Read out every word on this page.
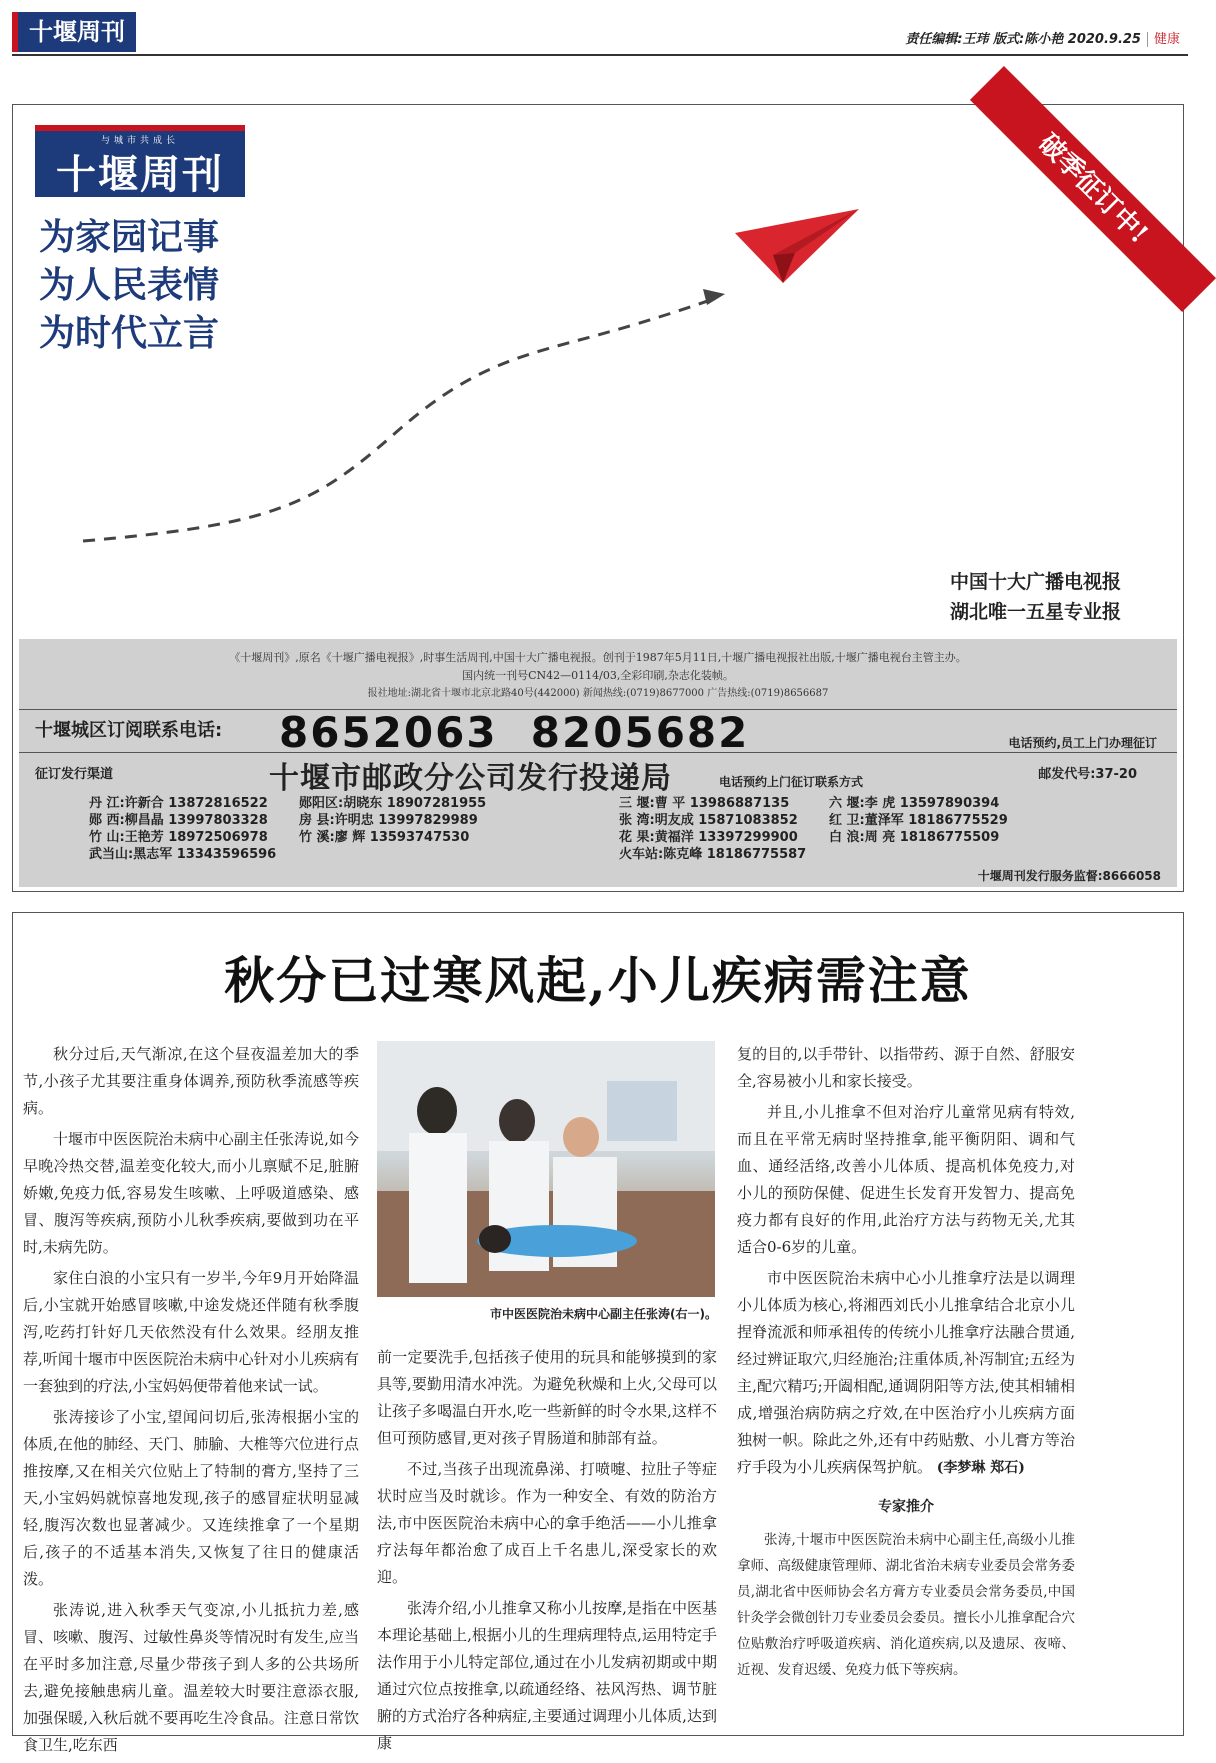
十堰周刊	责任编辑:王玮 版式:陈小艳 2020.9.25 健康
与城市共成长
十堰周刊
为家园记事
为人民表情
为时代立言
破季征订中!
中国十大广播电视报
湖北唯一五星专业报
《十堰周刊》,原名《十堰广播电视报》,时事生活周刊,中国十大广播电视报。创刊于1987年5月11日,十堰广播电视报社出版,十堰广播电视台主管主办。
国内统一刊号CN42—0114/03,全彩印刷,杂志化装帧。
报社地址:湖北省十堰市北京北路40号(442000) 新闻热线:(0719)8677000 广告热线:(0719)8656687
十堰城区订阅联系电话: 8652063  8205682	电话预约,员工上门办理征订
征订发行渠道	十堰市邮政分公司发行投递局	电话预约上门征订联系方式	邮发代号:37-20
丹 江:许新合 13872816522 郧阳区:胡晓东 18907281955	三 堰:曹 平 13986887135	六 堰:李 虎 13597890394
郧 西:柳昌晶 13997803328 房 县:许明忠 13997829989	张 湾:明友成 15871083852 红 卫:董泽军 18186775529
竹 山:王艳芳 18972506978 竹 溪:廖 辉 13593747530	花 果:黄福洋 13397299900 白 浪:周 亮 18186775509
武当山:黑志军 13343596596	火车站:陈克峰 18186775587
十堰周刊发行服务监督:8666058
秋分已过寒风起,小儿疾病需注意

秋分过后,天气渐凉,在这个昼夜温差加大的季节,小孩子尤其要注重身体调养,预防秋季流感等疾病。

十堰市中医医院治未病中心副主任张涛说,如今早晚冷热交替,温差变化较大,而小儿禀赋不足,脏腑娇嫩,免疫力低,容易发生咳嗽、上呼吸道感染、感冒、腹泻等疾病,预防小儿秋季疾病,要做到功在平时,未病先防。

家住白浪的小宝只有一岁半,今年9月开始降温后,小宝就开始感冒咳嗽,中途发烧还伴随有秋季腹泻,吃药打针好几天依然没有什么效果。经朋友推荐,听闻十堰市中医医院治未病中心针对小儿疾病有一套独到的疗法,小宝妈妈便带着他来试一试。

张涛接诊了小宝,望闻问切后,张涛根据小宝的体质,在他的肺经、天门、肺腧、大椎等穴位进行点推按摩,又在相关穴位贴上了特制的膏方,坚持了三天,小宝妈妈就惊喜地发现,孩子的感冒症状明显减轻,腹泻次数也显著减少。又连续推拿了一个星期后,孩子的不适基本消失,又恢复了往日的健康活泼。

张涛说,进入秋季天气变凉,小儿抵抗力差,感冒、咳嗽、腹泻、过敏性鼻炎等情况时有发生,应当在平时多加注意,尽量少带孩子到人多的公共场所去,避免接触患病儿童。温差较大时要注意添衣服,加强保暖,入秋后就不要再吃生冷食品。注意日常饮食卫生,吃东西

市中医医院治未病中心副主任张涛(右一)。

前一定要洗手,包括孩子使用的玩具和能够摸到的家具等,要勤用清水冲洗。为避免秋燥和上火,父母可以让孩子多喝温白开水,吃一些新鲜的时令水果,这样不但可预防感冒,更对孩子胃肠道和肺部有益。

不过,当孩子出现流鼻涕、打喷嚏、拉肚子等症状时应当及时就诊。作为一种安全、有效的防治方法,市中医医院治未病中心的拿手绝活——小儿推拿疗法每年都治愈了成百上千名患儿,深受家长的欢迎。

张涛介绍,小儿推拿又称小儿按摩,是指在中医基本理论基础上,根据小儿的生理病理特点,运用特定手法作用于小儿特定部位,通过在小儿发病初期或中期通过穴位点按推拿,以疏通经络、祛风泻热、调节脏腑的方式治疗各种病症,主要通过调理小儿体质,达到康

复的目的,以手带针、以指带药、源于自然、舒服安全,容易被小儿和家长接受。

并且,小儿推拿不但对治疗儿童常见病有特效,而且在平常无病时坚持推拿,能平衡阴阳、调和气血、通经活络,改善小儿体质、提高机体免疫力,对小儿的预防保健、促进生长发育开发智力、提高免疫力都有良好的作用,此治疗方法与药物无关,尤其适合0-6岁的儿童。

市中医医院治未病中心小儿推拿疗法是以调理小儿体质为核心,将湘西刘氏小儿推拿结合北京小儿捏脊流派和师承祖传的传统小儿推拿疗法融合贯通,经过辨证取穴,归经施治;注重体质,补泻制宜;五经为主,配穴精巧;开阖相配,通调阴阳等方法,使其相辅相成,增强治病防病之疗效,在中医治疗小儿疾病方面独树一帜。除此之外,还有中药贴敷、小儿膏方等治疗手段为小儿疾病保驾护航。 (李梦琳 郑石)

专家推介

张涛,十堰市中医医院治未病中心副主任,高级小儿推拿师、高级健康管理师、湖北省治未病专业委员会常务委员,湖北省中医师协会名方膏方专业委员会常务委员,中国针灸学会微创针刀专业委员会委员。擅长小儿推拿配合穴位贴敷治疗呼吸道疾病、消化道疾病,以及遗尿、夜啼、近视、发育迟缓、免疫力低下等疾病。
